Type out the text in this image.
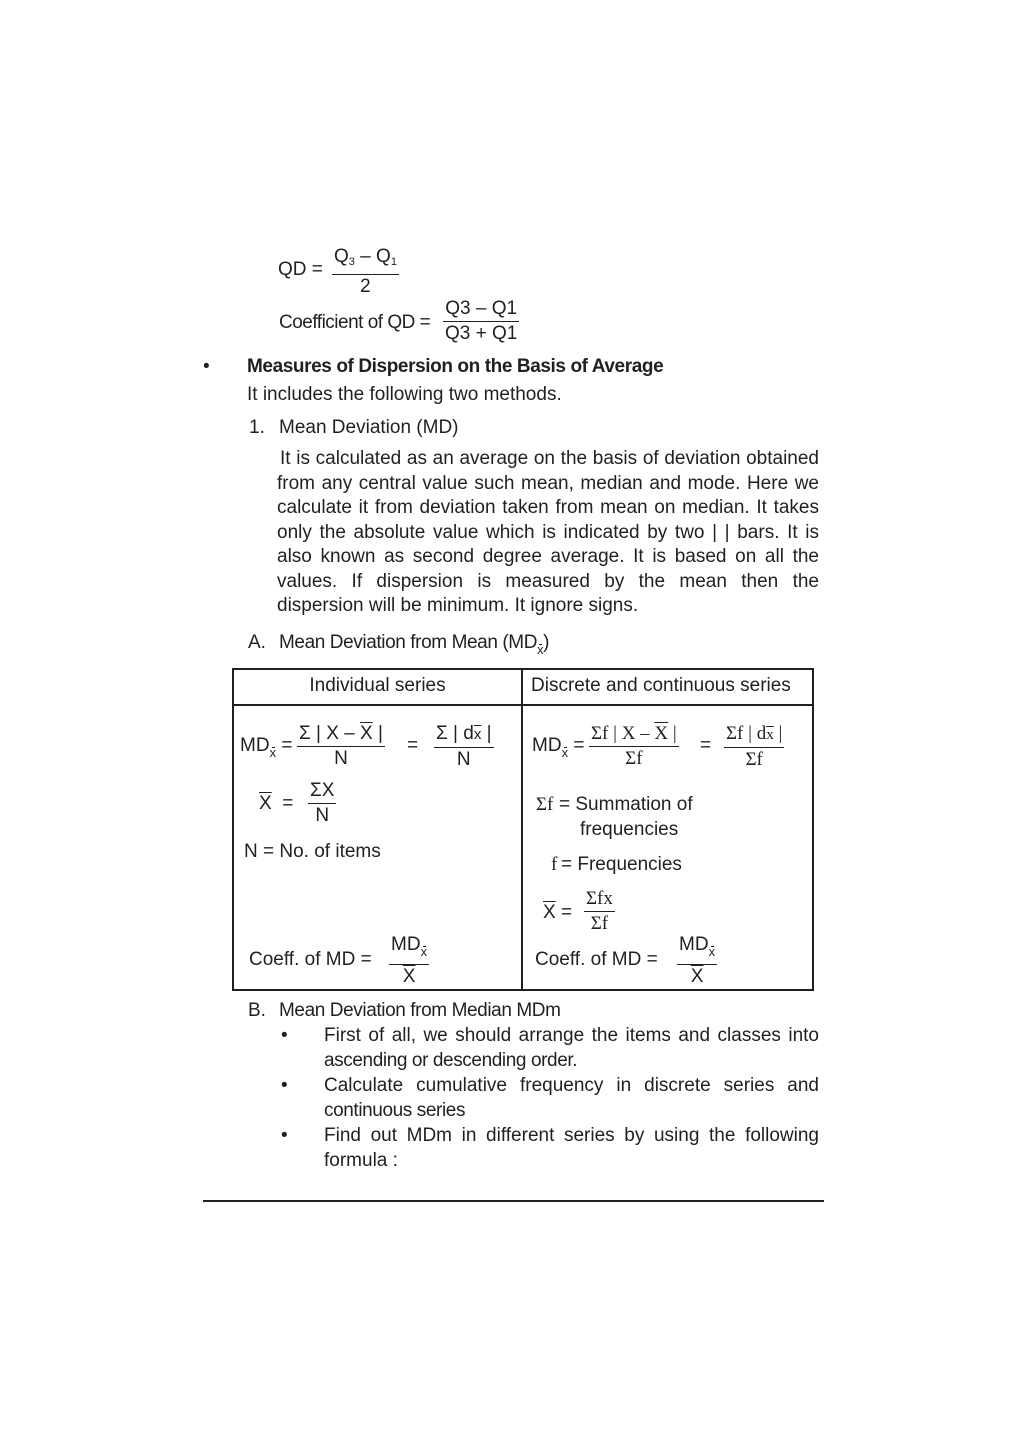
QD = $\frac{Q_3 - Q_1}{2}$
Coefficient of QD = $\frac{Q3 - Q1}{Q3 + Q1}$
• Measures of Dispersion on the Basis of Average
It includes the following two methods.
1. Mean Deviation (MD)
It is calculated as an average on the basis of deviation obtained
from any central value such mean, median and mode. Here we
calculate it from deviation taken from mean on median. It takes
only the absolute value which is indicated by two | | bars. It is
also known as second degree average. It is based on all the
values. If dispersion is measured by the mean then the
dispersion will be minimum. It ignore signs.
A. Mean Deviation from Mean $(MD_x)$
Individual series	Discrete and continuous series
$MD_x = \frac{\Sigma | X - \overline{X} |}{N} = \frac{\Sigma | d\overline{x} |}{N}$
$\overline{X} = \frac{\Sigma X}{N}$
N = No. of items
Coeff. of MD =
$MD_x$
$\overline{X}$
$MD_x = \frac{\Sigma f | X - \overline{X} |}{\Sigma f} = \frac{\Sigma f | d\overline{x} |}{\Sigma f}$
Σf = Summation of
frequencies
f = Frequencies
$\overline{X}$ =
Σfx
Σf
Coeff. of MD =
$MD_x$
$\overline{X}$
B. Mean Deviation from Median MDm
• First of all, we should arrange the items and classes into
ascending or descending order.
• Calculate cumulative frequency in discrete series and
continuous series
• Find out MDm in different series by using the following
formula :
